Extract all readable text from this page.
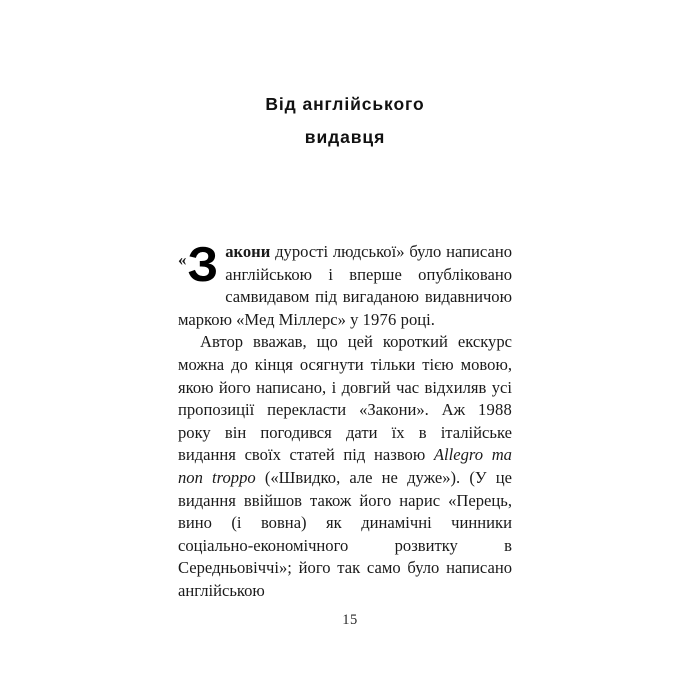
Від англійського
видавця

« З акони дурості людської» було написано англійською і вперше опубліковано самвидавом під вигаданою видавничою маркою «Мед Міллерс» у 1976 році.

Автор вважав, що цей короткий екскурс можна до кінця осягнути тільки тією мовою, якою його написано, і довгий час відхиляв усі пропозиції перекласти «Закони». Аж 1988 року він погодився дати їх в італійське видання своїх статей під назвою Allegro ma non troppo («Швидко, але не дуже»). (У це видання ввійшов також його нарис «Перець, вино (і вовна) як динамічні чинники соціально-економічного розвитку в Середньовіччі»; його так само було написано англійською

15
